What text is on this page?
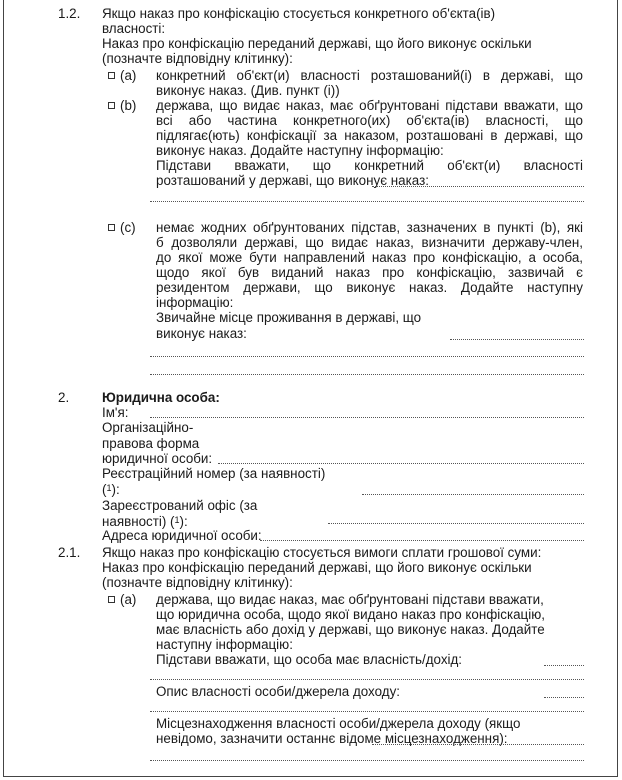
1.2. Якщо наказ про конфіскацію стосується конкретного об'єкта(ів)
власності:
Наказ про конфіскацію переданий державі, що його виконує оскільки
(позначте відповідну клітинку):
(a) конкретний об'єкт(и) власності розташований(і) в державі, що
виконує наказ. (Див. пункт (і))
(b) держава, що видає наказ, має обґрунтовані підстави вважати, що
всі або частина конкретного(их) об'єкта(ів) власності, що
підлягає(ють) конфіскації за наказом, розташовані в державі, що
виконує наказ. Додайте наступну інформацію:
Підстави вважати, що конкретний об'єкт(и) власності
розташований у державі, що виконує наказ:
(c) немає жодних обґрунтованих підстав, зазначених в пункті (b), які
б дозволяли державі, що видає наказ, визначити державу-член,
до якої може бути направлений наказ про конфіскацію, а особа,
щодо якої був виданий наказ про конфіскацію, зазвичай є
резидентом держави, що виконує наказ. Додайте наступну
інформацію:
Звичайне місце проживання в державі, що
виконує наказ:
2. Юридична особа:
Ім'я:
Організаційно-
правова форма
юридичної особи:
Реєстраційний номер (за наявності)
($^1$):
Зареєстрований офіс (за
наявності) ($^1$):
Адреса юридичної особи:
2.1. Якщо наказ про конфіскацію стосується вимоги сплати грошової суми:
Наказ про конфіскацію переданий державі, що його виконує оскільки
(позначте відповідну клітинку):
(a) держава, що видає наказ, має обґрунтовані підстави вважати,
що юридична особа, щодо якої видано наказ про конфіскацію,
має власність або дохід у державі, що виконує наказ. Додайте
наступну інформацію:
Підстави вважати, що особа має власність/дохід:
Опис власності особи/джерела доходу:
Місцезнаходження власності особи/джерела доходу (якщо
невідомо, зазначити останнє відоме місцезнаходження):
